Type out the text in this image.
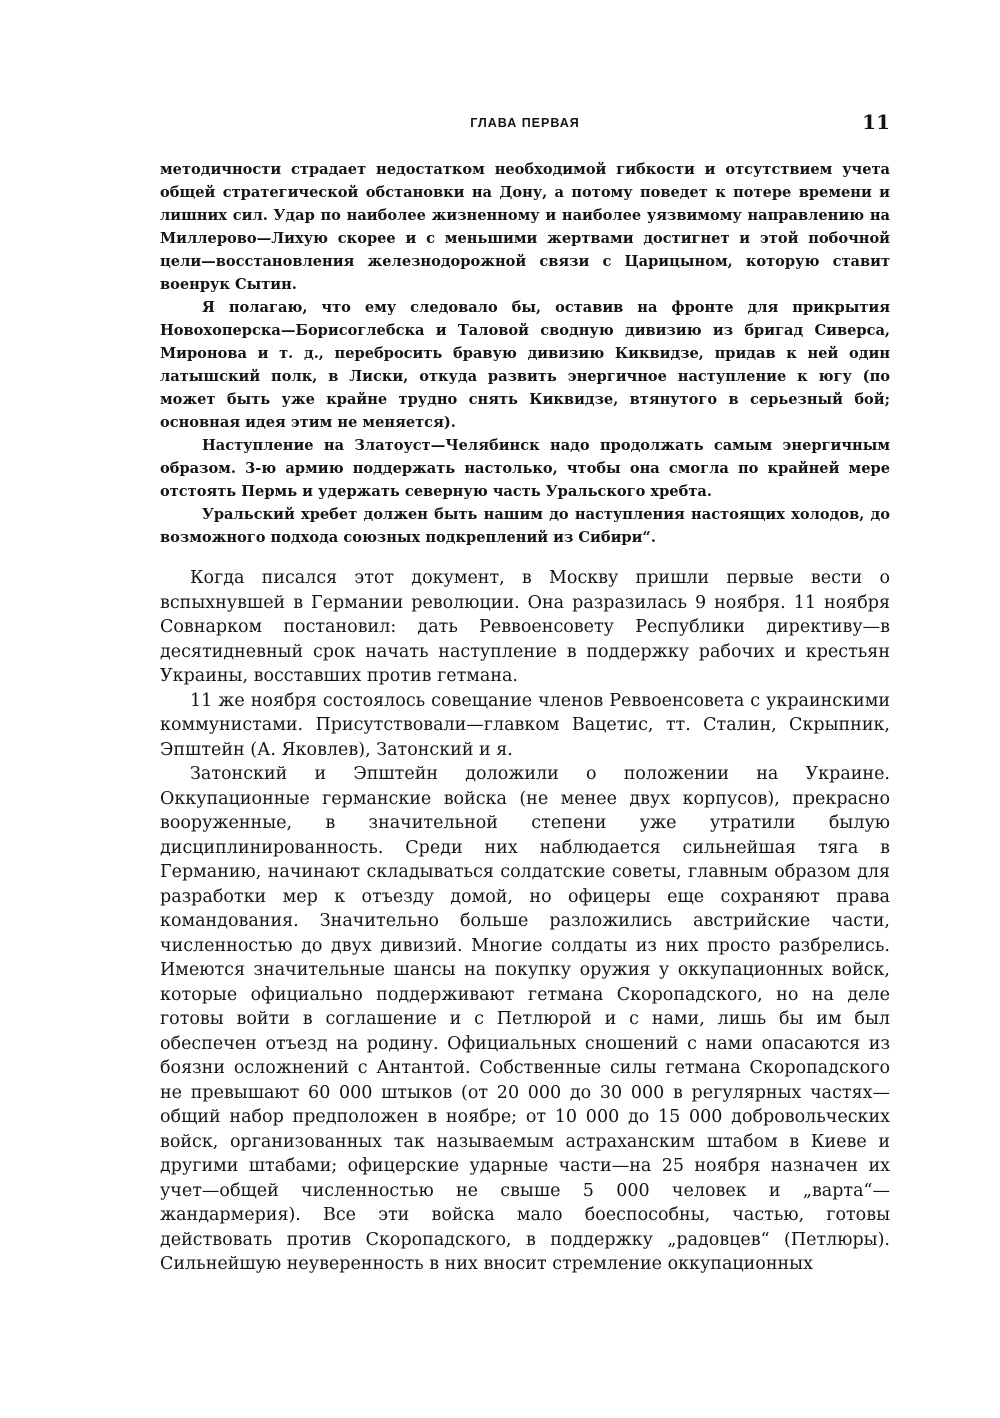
ГЛАВА ПЕРВАЯ	11

методичности страдает недостатком необходимой гибкости и отсутствием учета общей стратегической обстановки на Дону, а потому поведет к потере времени и лишних сил. Удар по наиболее жизненному и наиболее уязвимому направлению на Миллерово—Лихую скорее и с меньшими жертвами достигнет и этой побочной цели—восстановления железнодорожной связи с Царицыном, которую ставит военрук Сытин.

Я полагаю, что ему следовало бы, оставив на фронте для прикрытия Новохоперска—Борисоглебска и Таловой сводную дивизию из бригад Сиверса, Миронова и т. д., перебросить бравую дивизию Киквидзе, придав к ней один латышский полк, в Лиски, откуда развить энергичное наступление к югу (по может быть уже крайне трудно снять Киквидзе, втянутого в серьезный бой; основная идея этим не меняется).

Наступление на Златоуст—Челябинск надо продолжать самым энергичным образом. 3-ю армию поддержать настолько, чтобы она смогла по крайней мере отстоять Пермь и удержать северную часть Уральского хребта.

Уральский хребет должен быть нашим до наступления настоящих холодов, до возможного подхода союзных подкреплений из Сибири“.

Когда писался этот документ, в Москву пришли первые вести о вспыхнувшей в Германии революции. Она разразилась 9 ноября. 11 ноября Совнарком постановил: дать Реввоенсовету Республики директиву—в десятидневный срок начать наступление в поддержку рабочих и крестьян Украины, восставших против гетмана.

11 же ноября состоялось совещание членов Реввоенсовета с украинскими коммунистами. Присутствовали—главком Вацетис, тт. Сталин, Скрыпник, Эпштейн (А. Яковлев), Затонский и я.

Затонский и Эпштейн доложили о положении на Украине. Оккупационные германские войска (не менее двух корпусов), прекрасно вооруженные, в значительной степени уже утратили былую дисциплинированность. Среди них наблюдается сильнейшая тяга в Германию, начинают складываться солдатские советы, главным образом для разработки мер к отъезду домой, но офицеры еще сохраняют права командования. Значительно больше разложились австрийские части, численностью до двух дивизий. Многие солдаты из них просто разбрелись. Имеются значительные шансы на покупку оружия у оккупационных войск, которые официально поддерживают гетмана Скоропадского, но на деле готовы войти в соглашение и с Петлюрой и с нами, лишь бы им был обеспечен отъезд на родину. Официальных сношений с нами опасаются из боязни осложнений с Антантой. Собственные силы гетмана Скоропадского не превышают 60 000 штыков (от 20 000 до 30 000 в регулярных частях—общий набор предположен в ноябре; от 10 000 до 15 000 добровольческих войск, организованных так называемым астраханским штабом в Киеве и другими штабами; офицерские ударные части—на 25 ноября назначен их учет—общей численностью не свыше 5 000 человек и „варта“—жандармерия). Все эти войска мало боеспособны, частью, готовы действовать против Скоропадского, в поддержку „радовцев“ (Петлюры). Сильнейшую неуверенность в них вносит стремление оккупационных
